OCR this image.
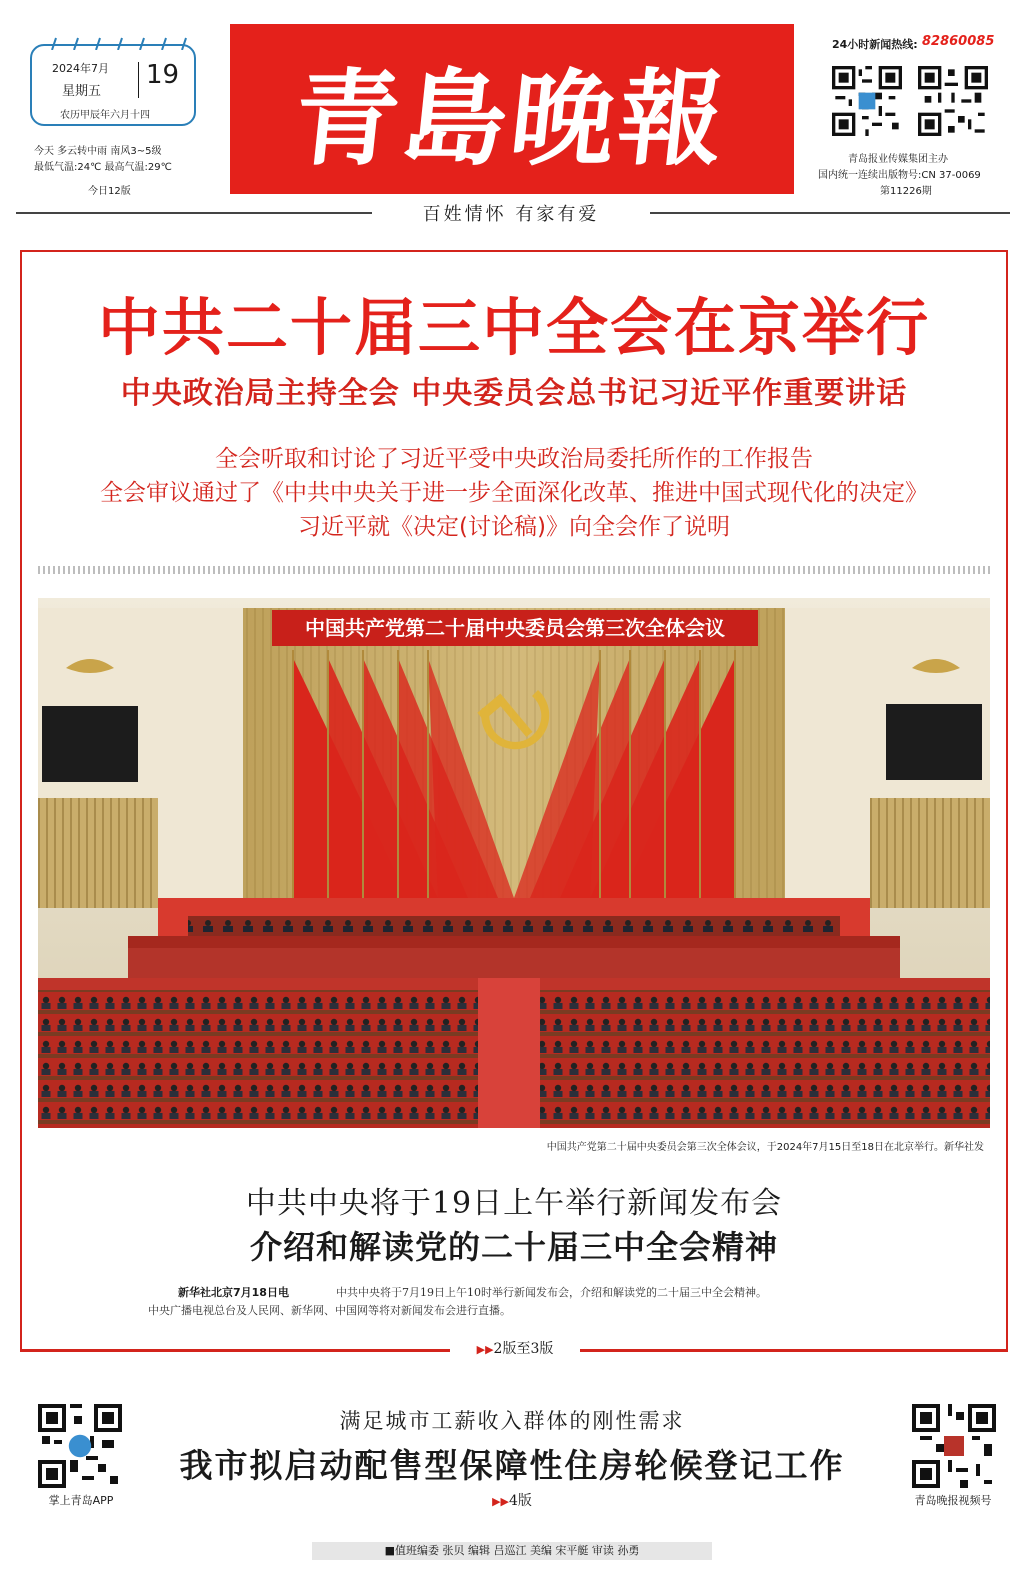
2024年7月
星期五
19
农历甲辰年六月十四
今天 多云转中雨 南风3~5级
最低气温:24℃ 最高气温:29℃
今日12版
青島晚報
24小时新闻热线: 82860085
青岛报业传媒集团主办
国内统一连续出版物号:CN 37-0069
第11226期
百姓情怀 有家有爱
中共二十届三中全会在京举行
中央政治局主持全会 中央委员会总书记习近平作重要讲话
全会听取和讨论了习近平受中央政治局委托所作的工作报告
全会审议通过了《中共中央关于进一步全面深化改革、推进中国式现代化的决定》
习近平就《决定(讨论稿)》向全会作了说明
中国共产党第二十届中央委员会第三次全体会议
中国共产党第二十届中央委员会第三次全体会议，于2024年7月15日至18日在北京举行。新华社发
中共中央将于19日上午举行新闻发布会
介绍和解读党的二十届三中全会精神
新华社北京7月18日电	中共中央将于7月19日上午10时举行新闻发布会，介绍和解读党的二十届三中全会精神。
中央广播电视总台及人民网、新华网、中国网等将对新闻发布会进行直播。
▶▶2版至3版
掌上青岛APP
满足城市工薪收入群体的刚性需求
我市拟启动配售型保障性住房轮候登记工作
▶▶4版	青岛晚报视频号
■值班编委 张贝 编辑 吕巡江 美编 宋平艇 审读 孙勇
